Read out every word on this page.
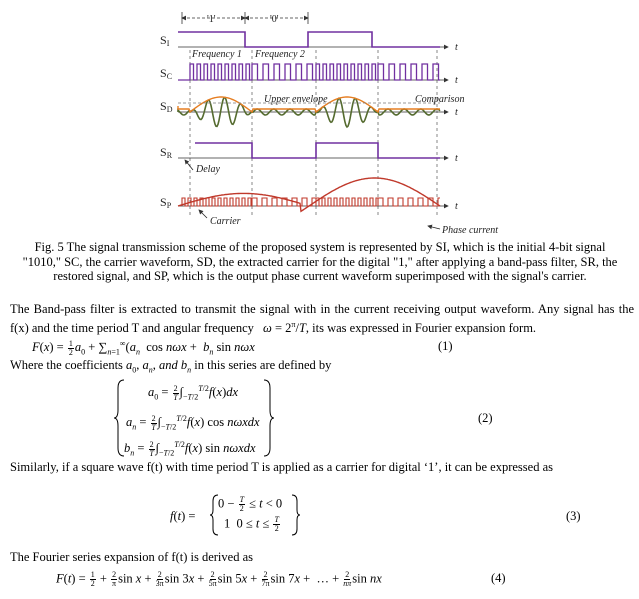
'1'	'0'
SI
SC
SD
SR
SP
t
t
t
t
t
Frequency 1 Frequency 2
Upper envelope	Comparison
Delay
Carrier
Phase current
Fig. 5 The signal transmission scheme of the proposed system is represented by SI, which is the initial 4-bit signal "1010," SC, the carrier waveform, SD, the extracted carrier for the digital "1," after applying a band-pass filter, SR, the restored signal, and SP, which is the output phase current waveform superimposed with the signal's carrier.
The Band-pass filter is extracted to transmit the signal with in the current receiving output waveform. Any signal has the f(x) and the time period T and angular frequency $\omega = 2^\pi/T$, its was expressed in Fourier expansion form.
$F(x) = \frac{1}{2} a_0 + \sum_{n=1}^\infty(a_n$  $\cos n\omega x + b_n$ sin nωx	(1)
Where the coefficients $a_0$, $a_n$, and $b_n$ in this series are defined by
$a_0 = \frac{2}{T} \int_{-T/2}^{T/2}f(x)dx$
$a_n = \frac{2}{T} \int_{-T/2}^{T/2}f(x)$ cos nωxdx
$b_n = \frac{2}{T} \int_{-T/2}^{T/2}f(x)$ sin nωxdx
(2)
Similarly, if a square wave f(t) with time period T is applied as a carrier for digital ‘1’, it can be expressed as
f(t) =
$0 - \frac{T}{2} \le t < 0$
1  $0 \le t \le \frac{T}{2}$	(3)
The Fourier series expansion of f(t) is derived as
$F(t) = \frac{1}{2} + \frac{2}{\pi}$ $\sin x + \frac{2}{3\pi}$ $\sin 3x + \frac{2}{5\pi}$ $\sin 5x + \frac{2}{7\pi}$ sin 7x +  … + $\frac{2}{n\pi}$ sin nx	(4)
